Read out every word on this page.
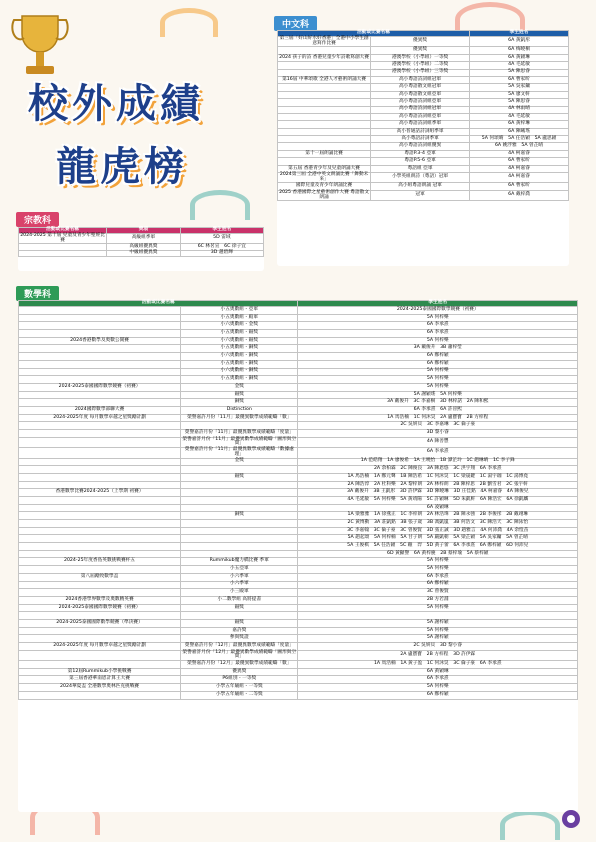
校外成績
龍虎榜
中文科
活動或比賽名稱		學生姓名
第三屆「好山好水好香港」全港中小學生創意寫作比賽	優異獎	6A 黃凱彤
	優異獎	6A 梅曉桐
2024 孩子的詩 香港兒童少年詩歌寫創大賽	港澳學校（小學組）一等獎	6A 黃穎琳
	港澳學校（小學組）二等獎	4A 毛延敏
	港澳學校（小學組）三等獎	5A 陳思睿
第16屆 中華頌歌 全港人才藝術朗誦大賽	高小粵語詩詞組冠軍	6A 曹家昕
	高小粵語散文組冠軍	5A 吳家鏞
	高小粵語散文組亞軍	5A 廖文軒
	高小粵語詩詞組亞軍	5A 陳思睿
	高小粵語詩詞組冠軍	4A 林雨晴
	高小粵語詩詞組亞軍	4A 毛延敏
	高小粵語詩詞組季軍	6A 黃梓琳
	高小普通話詩詞組季軍	6A 陳曦瑤
	高小粵語詩詞季軍	5A 何頌晴　5A 任浩穎　5A 盧思穎
	高小粵語詩詞組優異	6A 姚浮雅　5A 曾芷晴
第十一屆朗誦比賽	粵語P.3-4 亞軍	4A 柯嘉睿
	粵語P.5-6 亞軍	6A 曹家昕
第五屆 香港青少年及兒童朗誦大賽	粵語組 亞軍	4A 柯嘉睿
2024第三屆 全港中英文朗誦比賽「舞動未來」	小學英組朗詩（粵語）冠軍	4A 柯嘉睿
國際兒童及青少年朗誦比賽	高小組粵語朗誦 冠軍	6A 曹家昕
2025 香港國際之星藝術創作大賽 粵語散文朗誦	冠軍	6A 戴梓喬
宗教科
活動或比賽名稱	獎項	學生姓名
2024-2025 第十屆 兒童及青少年聖經比賽	高級組季軍	5D 雷域
	高級組優異獎	6C 林茗宣　6C 徐子宜
	中級組優異獎	3D 趙碧輝
數學科
活動或比賽名稱		學生姓名
	小五奧數組 - 亞軍	2024-2025泰國國際數學競賽（初賽）
	小五奧數組 - 殿軍	5A 何梓樂
	小六奧數組 - 金獎	6A 李承熹
	小五奧數組 - 銀獎	6A 李承熹
2024香港數學及奧數公開賽	小六奧數組 - 銀獎	5A 何梓樂
	小五奧數組 - 銅獎	3A 戴俊升　3B 蕭梓瑩
	小六奧數組 - 銅獎	6A 鄭梓穎
	小五奧數組 - 銅獎	6A 鄭梓穎
	小六奧數組 - 銅獎	5A 何梓樂
	小五奧數組 - 銅獎	5A 何梓樂
2024-2025泰國國際數學競賽（初賽）	金獎	5A 何梓樂
	銀獎	5A 謝穎瑤　5A 何梓樂
	銅獎	3A 戴俊升　3C 李嘉桐　3D 林梓諾　2A 陳和熙
2024國際數學部聯大賽	Distinction	6A 李承熹　6A 許晉熙
2024-2025年度 每月數學卓越之星獎勵計劃	榮譽嘉許月份「11月」最優異數學成績範疇「數」	1A 馬浩楠　1C 何沐昊　2A 盧寶寶　2B 方梓程
		2C 吳妍貝　3C 李嘉琳　3C 倫子豪
	榮譽嘉許月份「11月」最優異數學成績範疇「度量」	3D 黎小睿
	榮譽嘉許月份「11月」最優異數學成績範疇「圖形與空間」	4A 陳善豐
	榮譽嘉許月份「11月」最優異數學成績範疇「數據處理」	6A 李承熹
	金獎	1A 范皓翔　1A 廖俊希　1A 王曉怡　1B 譚芷玲　1C 趙琳晴　1C 李子鋒
		2A 余柏霖　2C 陳俊良　3A 陳恩悠　3C 洪宇翔　6A 李承熹
	銀獎	1A 馬浩楠　1A 鄭元聲　1B 陳浩希　1C 何沐昊　1C 梁晟鍵　1C 湯宇珈　1C 湯博堯
		2A 陳浩淳　2A 杜科樂　2A 黎梓朗　2A 林梓朗　2B 陳梓思　2B 劉雪君　2C 張宇軒
香港數學比賽2024-2025（上學期 初賽）		3A 戴俊升　3B 王凱彤　3D 許伊霖　3D 陳曉琳　3D 庄佳銘　4A 柯嘉睿　4A 陳俊兒
		4A 毛延敏　5A 何梓樂　5A 黃靖陽　5C 許穎琳　5D 朱凱軒　6A 陳浩宏　6A 徐凱麟
		6A 凌穎琳
	銅獎	1A 梁雅雅　1A 徐燕正　1C 李梓朗　2A 林浩瑋　2B 陳永強　2B 李俊彤　2B 戴翊琳
		2C 黃博動　3A 莊凱銘　3B 張子歲　3B 馮凱嵐　3B 何浩文　3C 陳浩天　3C 陳泳怡
		3C 李嘉翰　3C 倫子豪　3C 曾俊賢　3D 張正誠　3D 趙雅言　4A 何沛喬　4A 余愷苗
		5A 趙起頌　5A 何梓楠　5A 甘子朗　5A 嚴凱朝　5A 梁芷穎　5A 吳家鏞　5A 曾芷晴
		5A 王俊棋　5A 任浩穎　5C 賴　羿　5D 黃子蕾　6A 李承熹　6A 鄭梓穎　6D 何沛兒
		6D 黃顯譽　6A 黃梓慶　2B 蔡梓瑜　5A 蔡梓穎
2024-25年度香島英數挑戰賽杯五	Rummikub魔力橋比賽 季軍	5A 何梓樂
	小五亞軍	5A 何梓樂
第八屆勵致數學盃	小六季軍	6A 李承熹
	小六季軍	6A 鄭梓穎
	小三殿軍	3C 曾俊賢
2024香港學界數學及奧數精英賽	小二數學組 高將提書	2B 方若淵
2024-2025泰國國際數學競賽（初賽）	銀獎	5A 何梓樂

2024-2025泰國國際數學競賽（準決賽）	銀獎	5A 謝梓穎
	嘉許獎	5A 何梓樂
	參與獎證	5A 謝梓穎
2024-2025年度 每月數學卓越之星獎勵計劃	榮譽嘉許月份「12月」最優異數學成績範疇「度量」	2C 吳妍貝　3D 黎小睿
	榮譽嘉許月份「12月」最優異數學成績範疇「圖形與空間」	2A 盧寶寶　2B 方梓程　3D 許伊霖
	榮譽嘉許月份「12月」最優異數學成績範疇「數」	1A 馬浩楠　1A 黃子盈　1C 何沐昊　3C 倫子豪　6A 李承熹
第12屆Rummikub小學挑戰賽	優異獎	6A 黃穎琳
第三屆香港華南恩計算王大賽	P6組別 - 一等獎	6A 李承熹
2024華夏盃 全港數學奧林匹克挑戰賽	小學五年級組 - 一等獎	5A 何梓樂
	小學五年級組 - 二等獎	6A 鄭梓穎
